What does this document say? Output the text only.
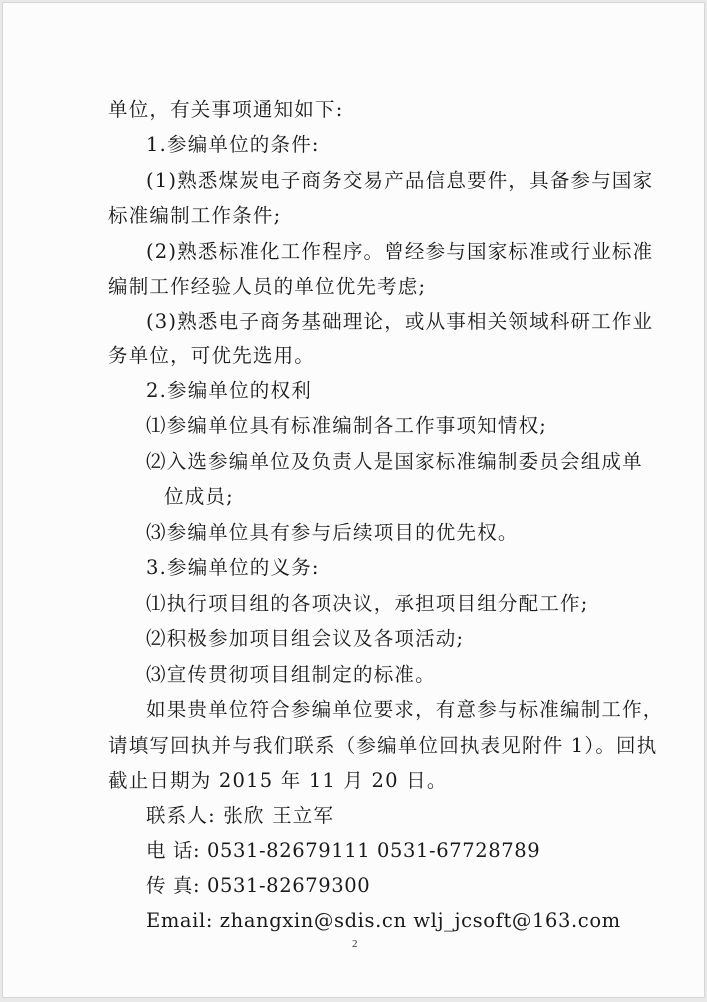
单位，有关事项通知如下:
1.参编单位的条件:
(1)熟悉煤炭电子商务交易产品信息要件，具备参与国家
标准编制工作条件;
(2)熟悉标准化工作程序。曾经参与国家标准或行业标准
编制工作经验人员的单位优先考虑;
(3)熟悉电子商务基础理论，或从事相关领域科研工作业
务单位，可优先选用。
2.参编单位的权利
⑴参编单位具有标准编制各工作事项知情权;
⑵入选参编单位及负责人是国家标准编制委员会组成单
位成员;
⑶参编单位具有参与后续项目的优先权。
3.参编单位的义务:
⑴执行项目组的各项决议，承担项目组分配工作;
⑵积极参加项目组会议及各项活动;
⑶宣传贯彻项目组制定的标准。
如果贵单位符合参编单位要求，有意参与标准编制工作，
请填写回执并与我们联系（参编单位回执表见附件 1）。回执
截止日期为 2015 年 11 月 20 日。
联系人: 张欣 王立军
电 话: 0531-82679111 0531-67728789
传 真: 0531-82679300
Email: zhangxin@sdis.cn wlj_jcsoft@163.com
2
